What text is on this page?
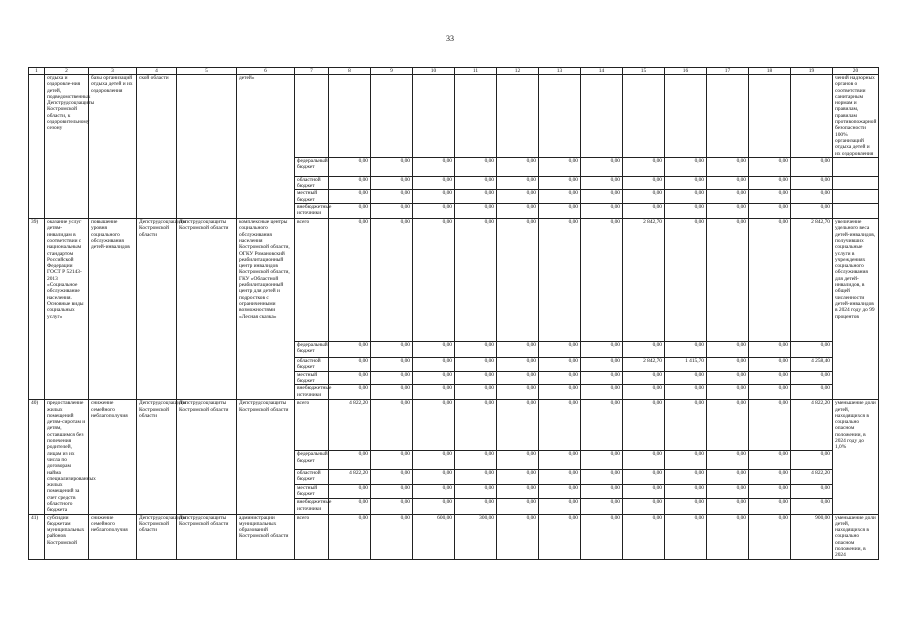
33
1	2	3	4	5	6	7	8	9	10	11	12	13	14	15	16	17	18	19	20
	отдыха и оздоровле-ния детей, подведомственных Депструдсоцзащиты Костромской области, к оздоровительному сезону	базы организаций отдыха детей и их оздоровления	ской области		детей»														чений надзорных органов о соответствии санитарным нормам и правилам, правилам противопожарной безопасности 100% организаций отдыха детей и их оздоровления
						федеральный бюджет	0,00	0,00	0,00	0,00	0,00	0,00	0,00	0,00	0,00	0,00	0,00	0,00	
						областной бюджет	0,00	0,00	0,00	0,00	0,00	0,00	0,00	0,00	0,00	0,00	0,00	0,00	
						местный бюджет	0,00	0,00	0,00	0,00	0,00	0,00	0,00	0,00	0,00	0,00	0,00	0,00	
						внебюджетные источники	0,00	0,00	0,00	0,00	0,00	0,00	0,00	0,00	0,00	0,00	0,00	0,00	
39)	оказание услуг детям-инвалидам в соответствии с национальным стандартом Российской Федерации ГОСТ Р 52143-2013 «Социальное обслуживание населения. Основные виды социальных услуг»	повышение уровня социального обслуживания детей-инвалидов	Депструдсоцзащиты Костромской области	Депструдсоцзащиты Костромской области	комплексные центры социального обслуживания населения Костромской области, ОГКУ Романовский реабилитационный центр инвалидов Костромской области, ГКУ «Областной реабилитационный центр для детей и подростков с ограниченными возможностями «Лесная сказка»	всего	0,00	0,00	0,00	0,00	0,00	0,00	0,00	2 842,70	0,00	0,00	0,00	2 842,70	увеличение удельного веса детей-инвалидов, получивших социальные услуги в учреждениях социального обслуживания для детей-инвалидов, в общей численности детей-инвалидов в 2024 году до 99 процентов
						федеральный бюджет	0,00	0,00	0,00	0,00	0,00	0,00	0,00	0,00	0,00	0,00	0,00	0,00	
						областной бюджет	0,00	0,00	0,00	0,00	0,00	0,00	0,00	2 842,70	1 415,70	0,00	0,00	4 258,40	
						местный бюджет	0,00	0,00	0,00	0,00	0,00	0,00	0,00	0,00	0,00	0,00	0,00	0,00	
						внебюджетные источники	0,00	0,00	0,00	0,00	0,00	0,00	0,00	0,00	0,00	0,00	0,00	0,00	
40)	предоставление жилых помещений детям-сиротам и детям, оставшимся без попечения родителей, лицам из их числа по договорам найма специализированных жилых помещений за счет средств областного бюджета	снижение семейного неблагополучия	Депструдсоцзащиты Костромской области	Депструдсоцзащиты Костромской области	Депструдсоцзащиты Костромской области	всего	4 822,20	0,00	0,00	0,00	0,00	0,00	0,00	0,00	0,00	0,00	0,00	4 822,20	уменьшение доли детей, находящихся в социально опасном положении, в 2024 году до 1,0%
						федеральный бюджет	0,00	0,00	0,00	0,00	0,00	0,00	0,00	0,00	0,00	0,00	0,00	0,00	
						областной бюджет	4 822,20	0,00	0,00	0,00	0,00	0,00	0,00	0,00	0,00	0,00	0,00	4 822,20	
						местный бюджет	0,00	0,00	0,00	0,00	0,00	0,00	0,00	0,00	0,00	0,00	0,00	0,00	
						внебюджетные источники	0,00	0,00	0,00	0,00	0,00	0,00	0,00	0,00	0,00	0,00	0,00	0,00	
41)	субсидии бюджетам муниципальных районов Костромской	снижение семейного неблагополучия	Депструдсоцзащиты Костромской области	Депструдсоцзащиты Костромской области	администрации муниципальных образований Костромской области	всего	0,00	0,00	600,00	300,00	0,00	0,00	0,00	0,00	0,00	0,00	0,00	900,00	уменьшение доли детей, находящихся в социально опасном положении, в 2024
